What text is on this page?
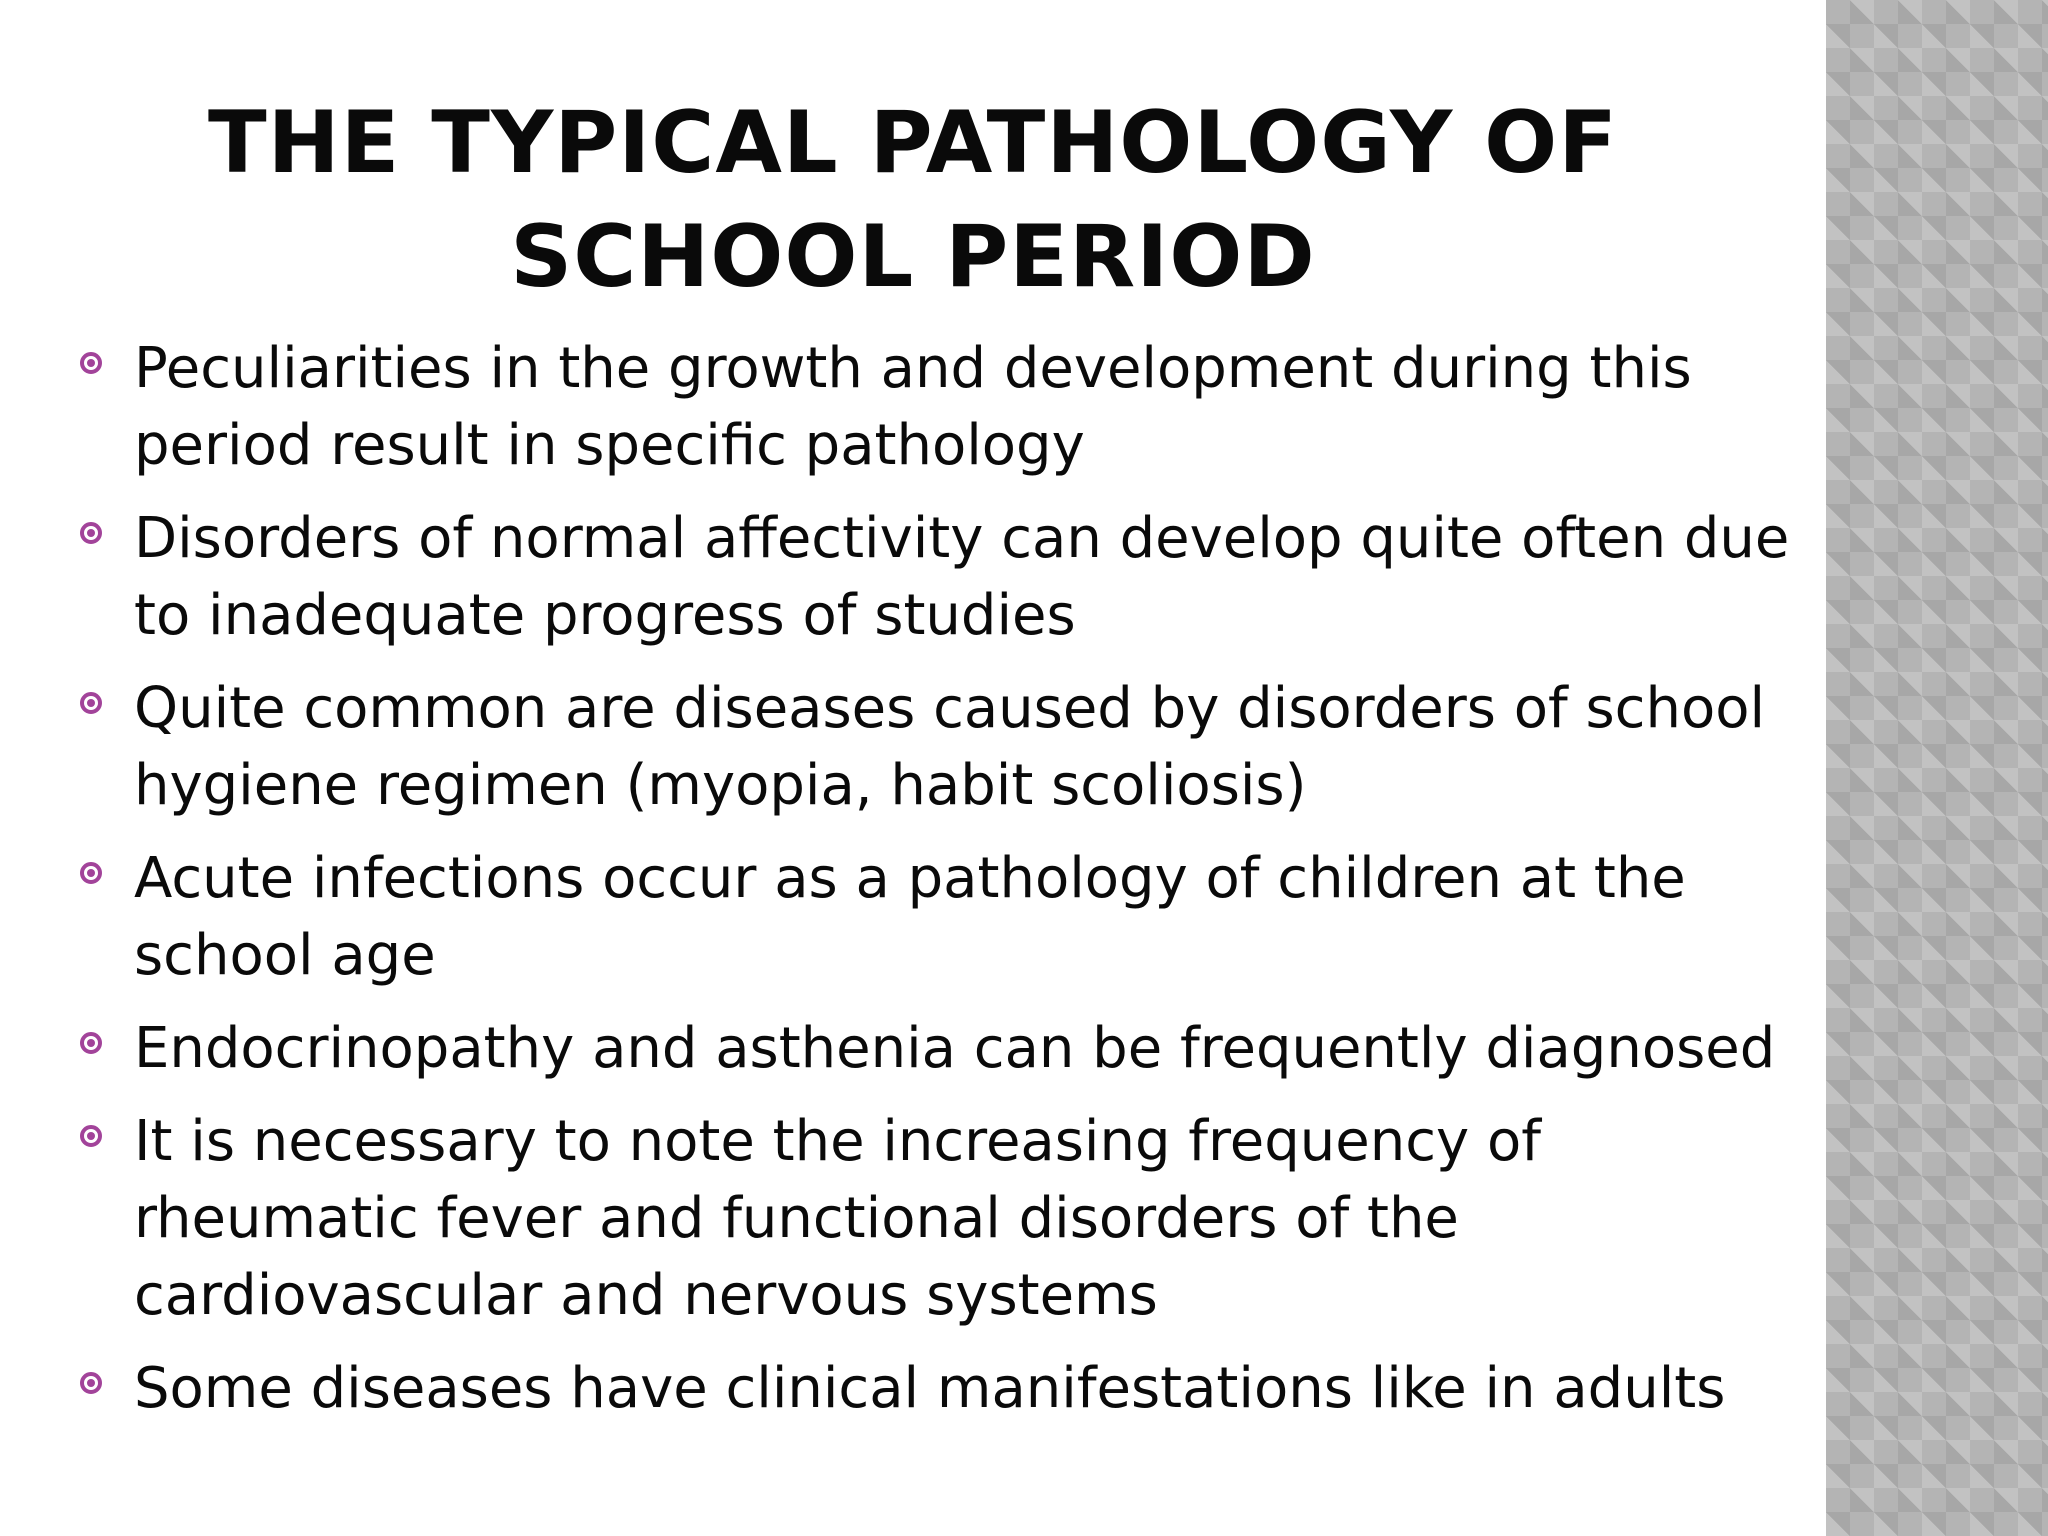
THE TYPICAL PATHOLOGY OF
SCHOOL PERIOD
Peculiarities in the growth and development during this period result in specific pathology
Disorders of normal affectivity can develop quite often due to inadequate progress of studies
Quite common are diseases caused by disorders of school hygiene regimen (myopia, habit scoliosis)
Acute infections occur as a pathology of children at the school age
Endocrinopathy and asthenia can be frequently diagnosed
It is necessary to note the increasing frequency of rheumatic fever and functional disorders of the cardiovascular and nervous systems
Some diseases have clinical manifestations like in adults
